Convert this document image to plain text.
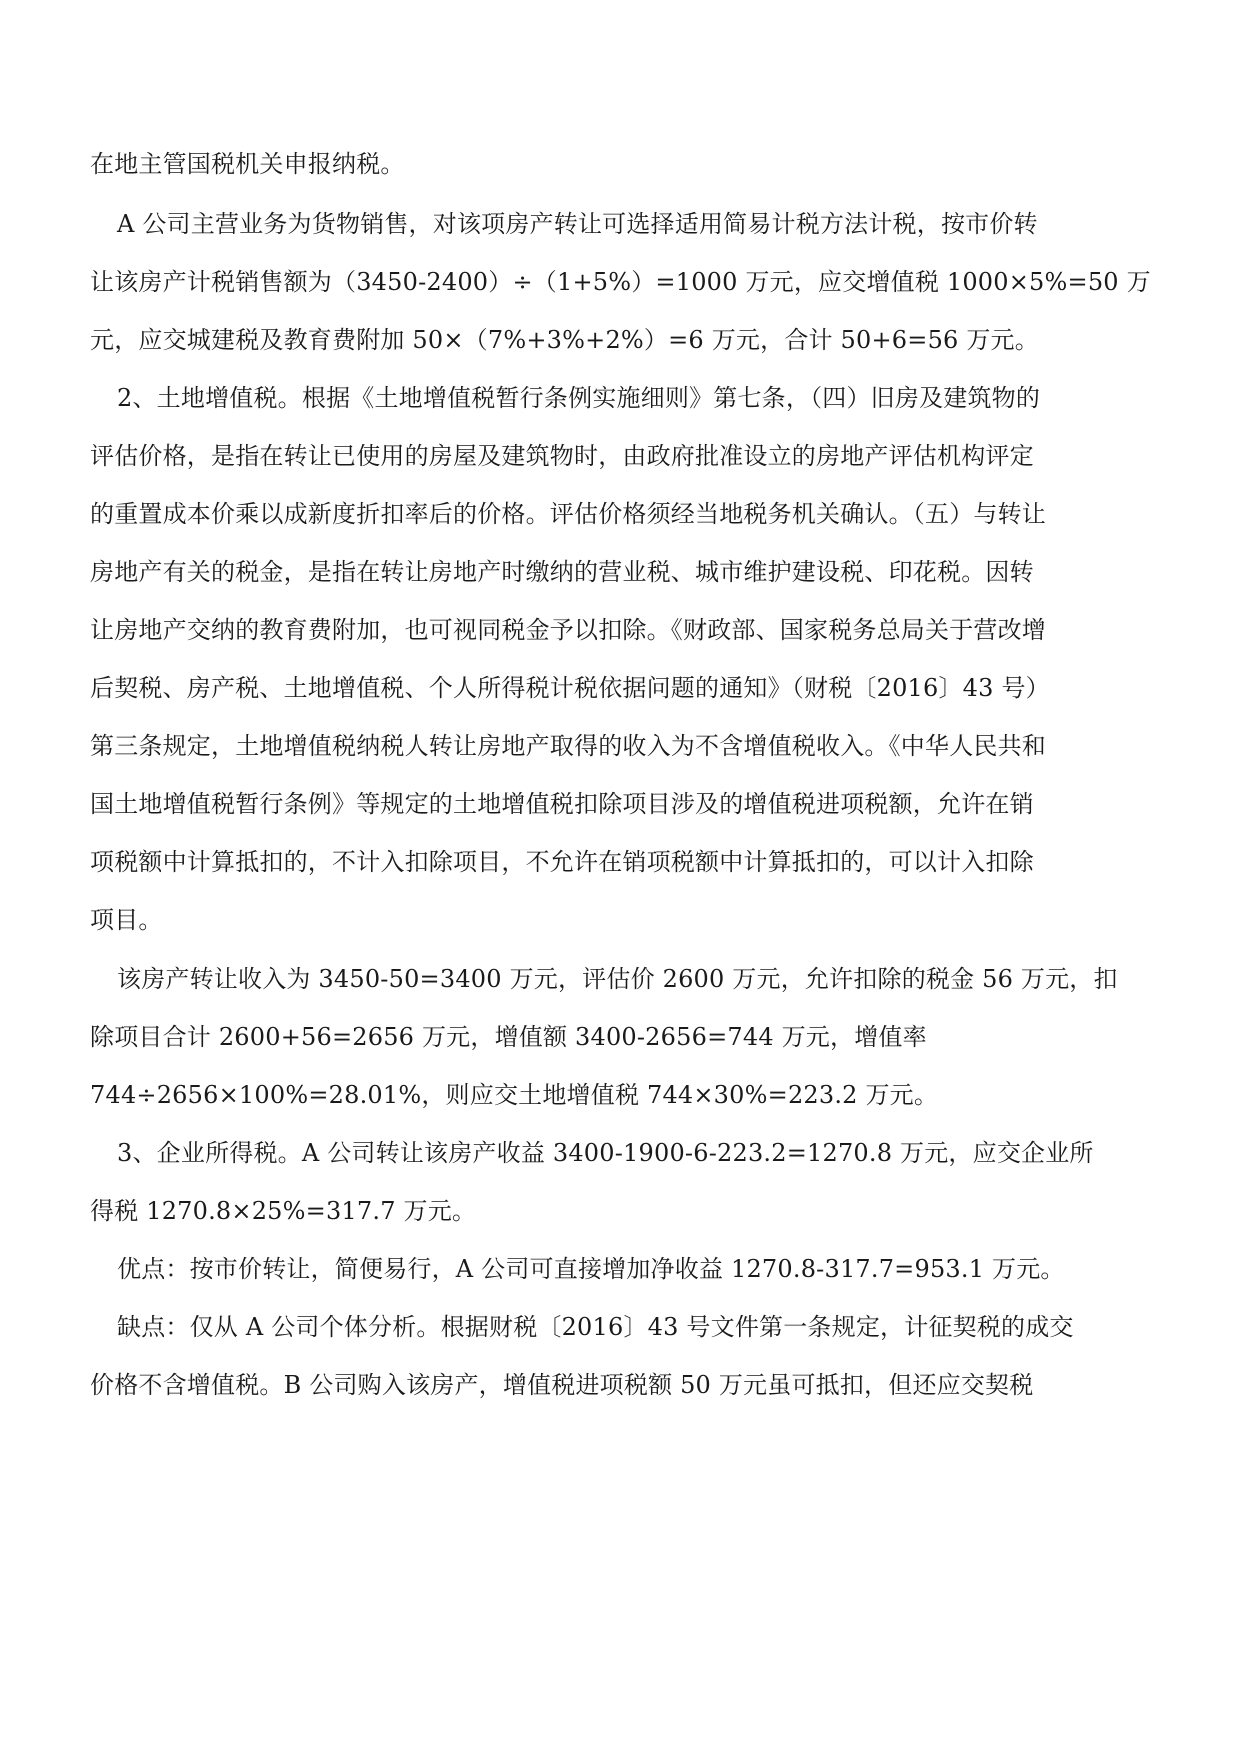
在地主管国税机关申报纳税。
A 公司主营业务为货物销售，对该项房产转让可选择适用简易计税方法计税，按市价转
让该房产计税销售额为（3450-2400）÷（1+5%）=1000 万元，应交增值税 1000×5%=50 万
元，应交城建税及教育费附加 50×（7%+3%+2%）=6 万元，合计 50+6=56 万元。
2、土地增值税。根据《土地增值税暂行条例实施细则》第七条，（四）旧房及建筑物的
评估价格，是指在转让已使用的房屋及建筑物时，由政府批准设立的房地产评估机构评定
的重置成本价乘以成新度折扣率后的价格。评估价格须经当地税务机关确认。（五）与转让
房地产有关的税金，是指在转让房地产时缴纳的营业税、城市维护建设税、印花税。因转
让房地产交纳的教育费附加，也可视同税金予以扣除。《财政部、国家税务总局关于营改增
后契税、房产税、土地增值税、个人所得税计税依据问题的通知》（财税〔2016〕43 号）
第三条规定，土地增值税纳税人转让房地产取得的收入为不含增值税收入。《中华人民共和
国土地增值税暂行条例》等规定的土地增值税扣除项目涉及的增值税进项税额，允许在销
项税额中计算抵扣的，不计入扣除项目，不允许在销项税额中计算抵扣的，可以计入扣除
项目。
该房产转让收入为 3450-50=3400 万元，评估价 2600 万元，允许扣除的税金 56 万元，扣
除项目合计 2600+56=2656 万元，增值额 3400-2656=744 万元，增值率
744÷2656×100%=28.01%，则应交土地增值税 744×30%=223.2 万元。
3、企业所得税。A 公司转让该房产收益 3400-1900-6-223.2=1270.8 万元，应交企业所
得税 1270.8×25%=317.7 万元。
优点：按市价转让，简便易行，A 公司可直接增加净收益 1270.8-317.7=953.1 万元。
缺点：仅从 A 公司个体分析。根据财税〔2016〕43 号文件第一条规定，计征契税的成交
价格不含增值税。B 公司购入该房产，增值税进项税额 50 万元虽可抵扣，但还应交契税
